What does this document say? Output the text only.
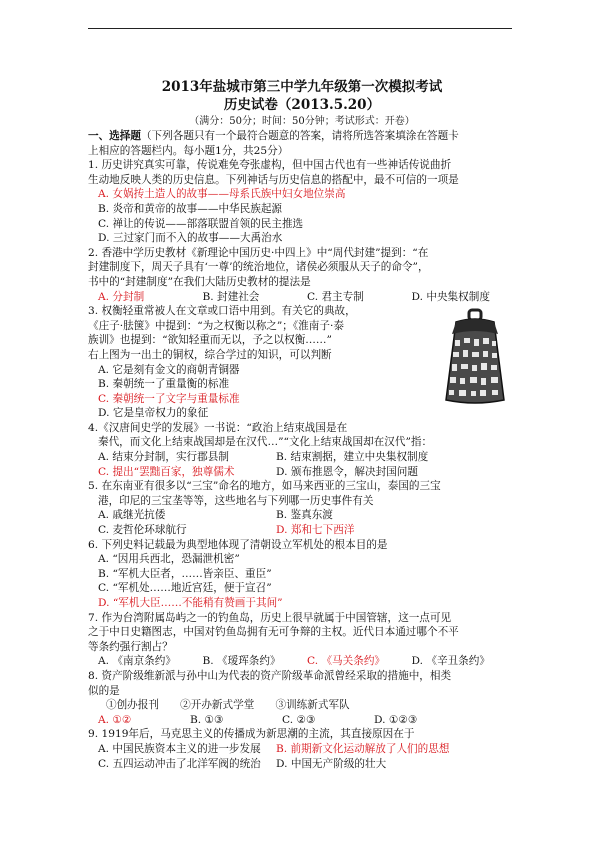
2013年盐城市第三中学九年级第一次模拟考试
历史试卷（2013.5.20）
（满分：50分；时间：50分钟；考试形式：开卷）
一、选择题（下列各题只有一个最符合题意的答案，请将所选答案填涂在答题卡
上相应的答题栏内。每小题1分，共25分）
1. 历史讲究真实可靠，传说难免夸张虚构，但中国古代也有一些神话传说曲折
生动地反映人类的历史信息。下列神话与历史信息的搭配中，最不可信的一项是
A. 女娲抟土造人的故事——母系氏族中妇女地位崇高
B. 炎帝和黄帝的故事——中华民族起源
C. 禅让的传说——部落联盟首领的民主推选
D. 三过家门而不入的故事——大禹治水
2. 香港中学历史教材《新理论中国历史·中四上》中“周代封建”提到：“在
封建制度下，周天子具有‘一尊’的统治地位，诸侯必须服从天子的命令”，
书中的“封建制度”在我们大陆历史教材的提法是
A. 分封制	B. 封建社会	C. 君主专制	D. 中央集权制度
3. 权衡轻重常被人在文章或口语中用到。有关它的典故，
《庄子·胠箧》中提到：“为之权衡以称之”；《淮南子·泰
族训》也提到：“欲知轻重而无以，予之以权衡……”
右上图为一出土的铜权，综合学过的知识，可以判断
A. 它是刻有金文的商朝青铜器
B. 秦朝统一了重量衡的标准
C. 秦朝统一了文字与重量标准
D. 它是皇帝权力的象征
4.《汉唐间史学的发展》一书说：“政治上结束战国是在
秦代，而文化上结束战国却是在汉代…”“文化上结束战国却在汉代”指：
A. 结束分封制，实行郡县制	B. 结束割据，建立中央集权制度
C. 提出“罢黜百家，独尊儒术	D. 颁布推恩令，解决封国问题
5. 在东南亚有很多以“三宝”命名的地方，如马来西亚的三宝山，泰国的三宝
港，印尼的三宝垄等等，这些地名与下列哪一历史事件有关
A. 戚继光抗倭	B. 鉴真东渡
C. 麦哲伦环球航行	D. 郑和七下西洋
6. 下列史料记载最为典型地体现了清朝设立军机处的根本目的是
A. “因用兵西北，恐漏泄机密”
B. “军机大臣者，……皆亲臣、重臣”
C. “军机处……地近宫廷，便于宣召”
D. “军机大臣……不能稍有赞画于其间”
7. 作为台湾附属岛屿之一的钓鱼岛，历史上很早就属于中国管辖，这一点可见
之于中日史籍图志，中国对钓鱼岛拥有无可争辩的主权。近代日本通过哪个不平
等条约强行割占？
A. 《南京条约》	B. 《瑷珲条约》	C. 《马关条约》	D. 《辛丑条约》
8. 资产阶级维新派与孙中山为代表的资产阶级革命派曾经采取的措施中，相类
似的是
①创办报刊　　②开办新式学堂　　③训练新式军队
A. ①②	B. ①③	C. ②③	D. ①②③
9. 1919年后，马克思主义的传播成为新思潮的主流，其直接原因在于
A. 中国民族资本主义的进一步发展	B. 前期新文化运动解放了人们的思想
C. 五四运动冲击了北洋军阀的统治	D. 中国无产阶级的壮大
